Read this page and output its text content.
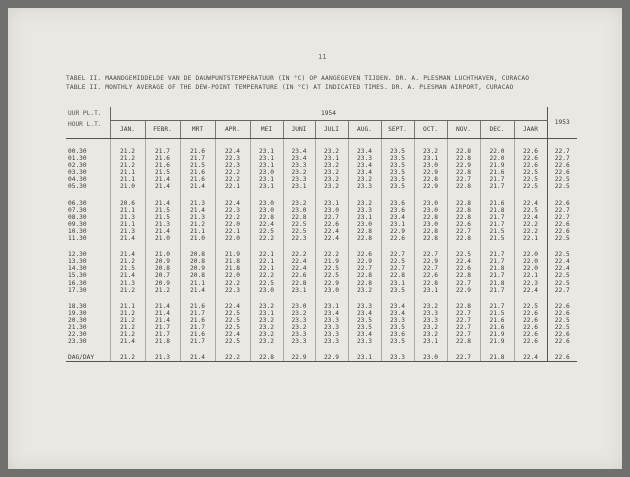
11
TABEL II. MAANDGEMIDDELDE VAN DE DAUWPUNTSTEMPERATUUR (IN °C) OP AANGEGEVEN TIJDEN. DR. A. PLESMAN LUCHTHAVEN, CURACAO
TABLE II. MONTHLY AVERAGE OF THE DEW-POINT TEMPERATURE (IN °C) AT INDICATED TIMES. DR. A. PLESMAN AIRPORT, CURACAO
UUR PL.T.	1954													1953
HOUR L.T.	JAN.	FEBR.	MRT	APR.	MEI	JUNI	JULI	AUG.	SEPT.	OCT.	NOV.	DEC.	JAAR	

00.30	21.2	21.7	21.6	22.4	23.1	23.4	23.2	23.4	23.5	23.2	22.8	22.0	22.6	22.7
01.30	21.2	21.6	21.7	22.3	23.1	23.4	23.1	23.3	23.5	23.1	22.8	22.0	22.6	22.7
02.30	21.2	21.6	21.5	22.3	23.1	23.3	23.2	23.4	23.5	23.0	22.9	21.9	22.6	22.6
03.30	21.1	21.5	21.6	22.2	23.0	23.2	23.2	23.4	23.5	22.9	22.8	21.6	22.5	22.6
04.30	21.1	21.4	21.6	22.2	23.1	23.3	23.2	23.2	23.5	22.8	22.7	21.7	22.5	22.5
05.30	21.0	21.4	21.4	22.1	23.1	23.1	23.2	23.3	23.5	22.9	22.8	21.7	22.5	22.5

06.30	20.6	21.4	21.3	22.4	23.0	23.2	23.1	23.2	23.6	23.0	22.8	21.6	22.4	22.6
07.30	21.1	21.5	21.4	22.3	23.0	23.0	23.0	23.3	23.6	23.0	22.8	21.8	22.5	22.7
08.30	21.3	21.5	21.3	22.2	22.8	22.8	22.7	23.1	23.4	22.8	22.8	21.7	22.4	22.7
09.30	21.1	21.3	21.2	22.0	22.4	22.5	22.6	23.0	23.1	23.0	22.6	21.7	22.2	22.6
10.30	21.3	21.4	21.1	22.1	22.5	22.5	22.4	22.8	22.9	22.8	22.7	21.5	22.2	22.6
11.30	21.4	21.0	21.0	22.0	22.2	22.3	22.4	22.8	22.6	22.8	22.8	21.5	22.1	22.5

12.30	21.4	21.0	20.8	21.9	22.1	22.2	22.2	22.6	22.7	22.7	22.5	21.7	22.0	22.5
13.30	21.2	20.9	20.8	21.8	22.1	22.4	21.9	22.9	22.5	22.9	22.4	21.7	22.0	22.4
14.30	21.5	20.8	20.9	21.8	22.1	22.4	22.5	22.7	22.7	22.7	22.6	21.8	22.0	22.4
15.30	21.4	20.7	20.8	22.0	22.2	22.6	22.5	22.8	22.8	22.6	22.8	21.7	22.1	22.5
16.30	21.3	20.9	21.1	22.2	22.5	22.8	22.9	22.8	23.1	22.8	22.7	21.8	22.3	22.5
17.30	21.2	21.2	21.4	22.3	23.0	23.1	23.0	23.2	23.5	23.1	22.9	21.7	22.4	22.7

18.30	21.1	21.4	21.6	22.4	23.2	23.0	23.1	23.3	23.4	23.2	22.8	21.7	22.5	22.6
19.30	21.2	21.4	21.7	22.5	23.1	23.2	23.4	23.4	23.4	23.3	22.7	21.5	22.6	22.6
20.30	21.2	21.4	21.6	22.5	23.2	23.3	23.3	23.5	23.3	23.3	22.7	21.6	22.6	22.5
21.30	21.2	21.7	21.7	22.5	23.2	23.2	23.3	23.5	23.5	23.2	22.7	21.6	22.6	22.5
22.30	21.2	21.7	21.6	22.4	23.2	23.3	23.3	23.4	23.6	23.2	22.7	21.9	22.6	22.6
23.30	21.4	21.8	21.7	22.5	23.2	23.3	23.3	23.3	23.5	23.1	22.8	21.9	22.6	22.6

DAG/DAY	21.2	21.3	21.4	22.2	22.8	22.9	22.9	23.1	23.3	23.0	22.7	21.8	22.4	22.6
